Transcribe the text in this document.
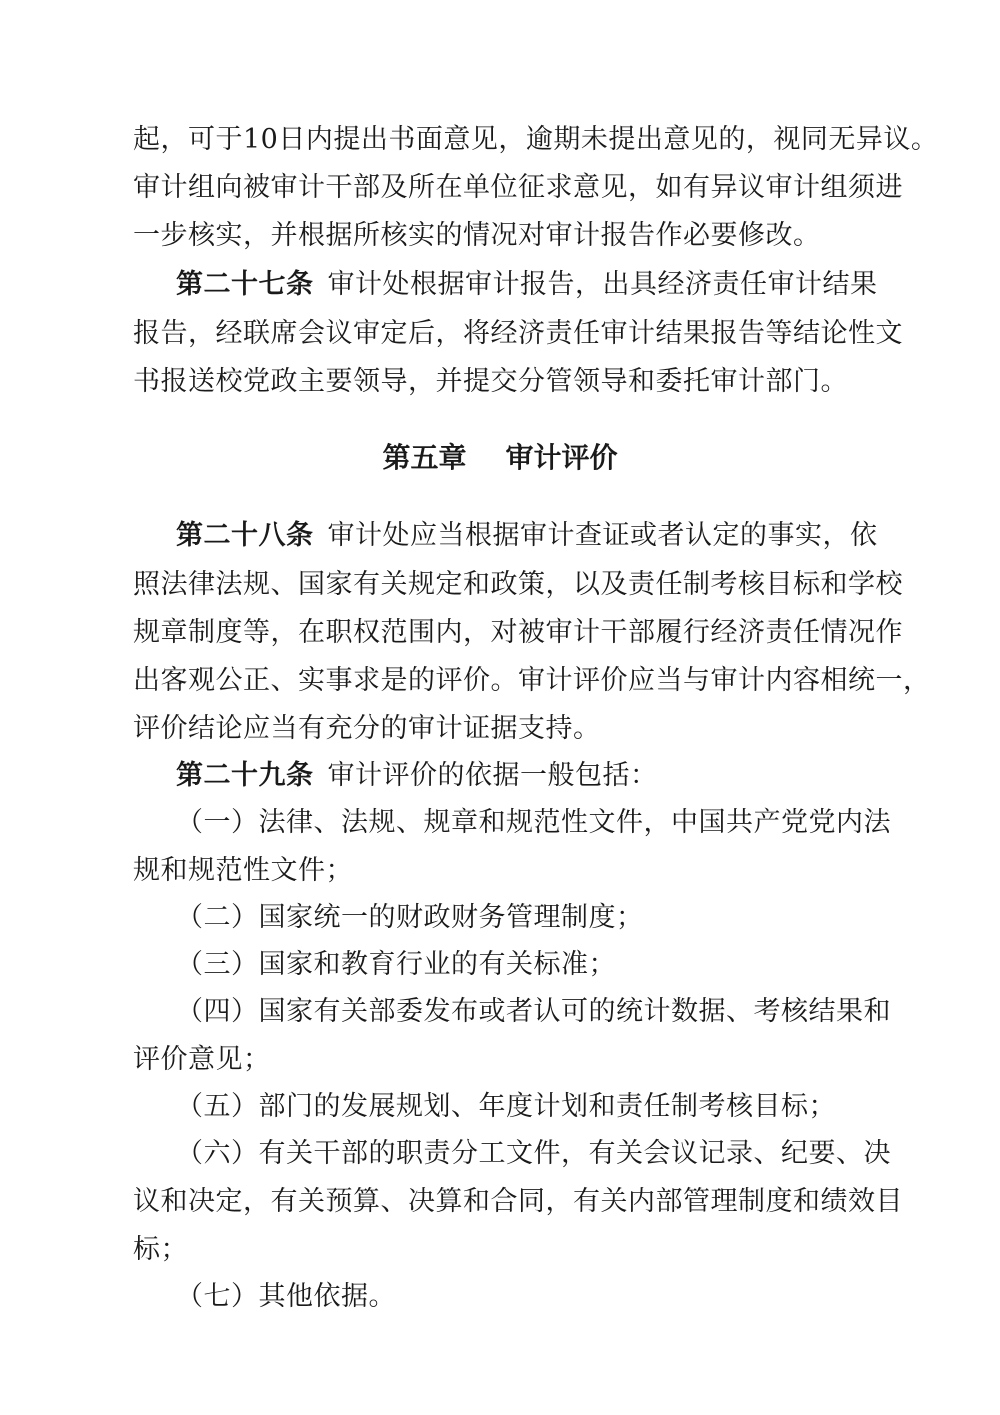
起，可于10日内提出书面意见，逾期未提出意见的，视同无异议。
审计组向被审计干部及所在单位征求意见，如有异议审计组须进
一步核实，并根据所核实的情况对审计报告作必要修改。
第二十七条 审计处根据审计报告，出具经济责任审计结果
报告，经联席会议审定后，将经济责任审计结果报告等结论性文
书报送校党政主要领导，并提交分管领导和委托审计部门。
第五章 审计评价
第二十八条 审计处应当根据审计查证或者认定的事实，依
照法律法规、国家有关规定和政策，以及责任制考核目标和学校
规章制度等，在职权范围内，对被审计干部履行经济责任情况作
出客观公正、实事求是的评价。审计评价应当与审计内容相统一，
评价结论应当有充分的审计证据支持。
第二十九条 审计评价的依据一般包括：
（一）法律、法规、规章和规范性文件，中国共产党党内法
规和规范性文件；
（二）国家统一的财政财务管理制度；
（三）国家和教育行业的有关标准；
（四）国家有关部委发布或者认可的统计数据、考核结果和
评价意见；
（五）部门的发展规划、年度计划和责任制考核目标；
（六）有关干部的职责分工文件，有关会议记录、纪要、决
议和决定，有关预算、决算和合同，有关内部管理制度和绩效目
标；
（七）其他依据。
